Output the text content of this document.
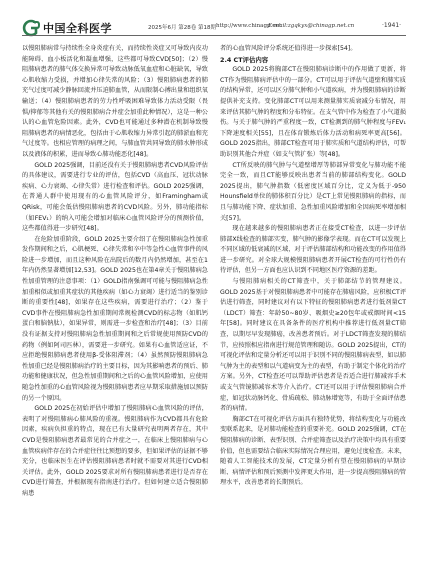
中国全科医学	2025年6月 第28卷 第18期 http://www.chinagp.net
E-mail:zgqkyx@chinagp.net.cn	·1941·

以慢阻肺病常与持续性全身炎症有关，而持续性炎症又可导致内皮功能障碍、血小板活化和凝血增强，这些都可导致CVD[50]；（2）慢阻肺病患者的肺气体交换异常可导致动脉低氧血症和心脏缺氧，导致心肌收缩力受损，并增加心律失常的风险；（3）慢阻肺病患者的肺充气过度可减少静脉回流并压迫肺血管，从而限制心搏出量和组织氧输送；（4）慢阻肺病患者的劳力性呼吸困难导致体力活动受限（畏惧/抑郁等其他有关的慢阻肺病合并症会加重此种情况），这是一种公认的心血管危险因素。此外，CVD也可能通过多种潜在机制导致慢阻肺病患者的病情恶化，包括由于心肌收缩力异常引起的肺淤血和充气过度等。也相应管理的病理之间，与肺血管共同导致的肺水肿形成以及液体的积累，进而导致心肺功能恶化[48]。

GOLD 2025强调，目前还没有关于慢阻肺病患者CVD风险评估的具体建议，需要进行专业的评估，包括CVD（高血压、冠状动脉疾病、心力衰竭、心律失常）进行检查和评估。GOLD 2025强调，在普通人群中使用现有的心血管风险评分，如Framingham或QRisk，可能会低估慢阻肺病患者的CVD风险。另外，肺功能指标（如FEV₁）的纳入可能会增加对临床心血管风险评分的预测价值，这些都值得进一步研究[48]。

在危险加重阶段，GOLD 2025主要介绍了在慢阻肺病急性加重发作期间和之后，心肌梗死、心律失常和卒中等急性心血管事件的风险进一步增加，而且这种风险在出院后的数月内仍然增加，甚至在1年内仍然显著增加[12,53]。GOLD 2025也在第4章关于慢阻肺病急性加重管理的注意事项：（1）GOLD指南强调可可能与慢阻肺病急性加重相似或加重其症状的其他疾病（如心力衰竭）进行适当的鉴别诊断的重要性[48]，如果存在这些疾病，需要进行治疗；（2）鉴于CVD事件在慢阻肺病急性加重期间常规检测CVD的标志物（如肌钙蛋白和脑钠肽），如果异常，则需进一步检查和治疗[48]；（3）目前没有证据支持对慢阻肺病急性加重期间和之后常规使用预防CVD的药物（例如阿司匹林），需要进一步研究。如果有心血管适应证，不应拒绝慢阻肺病患者使用β-受体阻滞剂；（4）虽然预防慢阻肺病急性加重已经是慢阻肺病治疗的主要目标，因为其影响患者的预后、肺功能和健康状况，但急性加重期间和之后的心血管风险增加，应使用随急性加重的心血管风险视为慢阻肺病患者应早期采取措施加以预防的另一个原因。

GOLD 2025在初始评估中增加了慢阻肺病心血管风险的评估，表明了对慢阻肺病心肺风险的重视。慢阻肺病作为CVD都具有危险因素，疾病负担重的特点，现在已有大量研究表明两者存在，其中CVD是慢阻肺病患者最常见的合并症之一，在临床上慢阻肺病与心血管疾病伴存在的合并症往往比预想的要多，但如果评估的证据不够充分，也临床医生在评估慢阻肺病患者时就不需要对其进行CVD相关评估。此外，GOLD 2025要求对所有慢阻肺病患者进行是否存在CVD进行筛查，并根据现有指南进行治疗。但如何建立适合慢阻肺病患

者的心血管风险评分系统还值得进一步探索[54]。

2.4 CT评估内容

GOLD 2025将胸部CT在慢阻肺病诊断中的作用做了更新，将CT作为慢阻肺病评估中的一部分。CT可以用于评估气道壁和肺实质的结构异常，还可以区分肺气肿和小气道疾病，并为慢阻肺病的诊断提供补充支持。变化肺部CT可以用来测量肺实质衰减分布情况，用来评估其肺气肿的程度和分布特征。在支气管中作为检查了小气道损伤。与关于肺气肿的严重程度一致，CT检测到的肺气肿程度与FEV₁下降速度相关[55]，且在体育锻炼后体力活动和病死率更高[56]。GOLD 2025指出，肺部CT检查可用于肺实质和气道结构评估，可帮助识别其他合并症（如支气管扩张）等[48]。

CT所反映的肺气肿与气道壁增厚等肺部异常变化与肺功能不能完全一致，而且CT能够反映出患者当前的肺部结构变化。GOLD 2025提出，肺气肿指数（低密度区域百分比，定义为低于-950 Hounsfield单位的肺体积百分比）是CT上常见慢阻肺病的指标，而且与肺功能下降、症状加重、急性加重风险增加和全因病死率增加相关[57]。

现在越来越多的慢阻肺病患者正在接受CT检查，以进一步评估肺部X线检查的肺部实变，肺气肿的影像学表现。而在CT可以发现上不同区域的低衰减的区域，对于评估肺部结构和功能改变的作用值得进一步研究。对全球大规模慢阻肺病患者开展CT检查的可行性仍有待评估，但另一方面也应认识到不同地区医疗资源的差距。

与慢阻肺病相关的CT筛查中，关于肺部结节的管理建议。GOLD 2025基于对慢阻肺病患者中可能存在肺癌风险，应积极CT评估进行筛查，同时建议对有以下特征的慢阻肺病患者进行低剂量CT（LDCT）筛查：年龄50~80岁、吸烟史≥20包年或戒烟时间<15年[58]。同时建议在具备条件的医疗机构中推荐进行低剂量CT筛查，以期尽早发现肺癌，改善患者预后。对于LDCT筛查发现的肺结节，应按照相应指南进行规范管理和随访。GOLD 2025提出，CT的可视化评估和定量分析还可以用于识别不同的慢阻肺病表型，如以肺气肿为主的表型和以气道病变为主的表型，有助于制定个体化的治疗方案。另外，CT检查还可以帮助评估患者是否适合进行肺减容手术或支气管镜肺减容术等介入治疗。CT还可以用于评估慢阻肺病合并症，如冠状动脉钙化、骨质疏松、肺动脉增宽等，有助于全面评估患者的病情。

胸部CT在可视化评估方面具有独特优势，将结构变化与功能改变联系起来，是对肺功能检查的重要补充。GOLD 2025强调，CT在慢阻肺病的诊断、表型识别、合并症筛查以及治疗决策中均具有重要价值，但也需要结合临床实际情况合理应用，避免过度检查。未来，随着人工智能技术的发展，CT定量分析有望在慢阻肺病的早期诊断、病情评估和预后预测中发挥更大作用，进一步提高慢阻肺病的管理水平，改善患者的长期预后。
